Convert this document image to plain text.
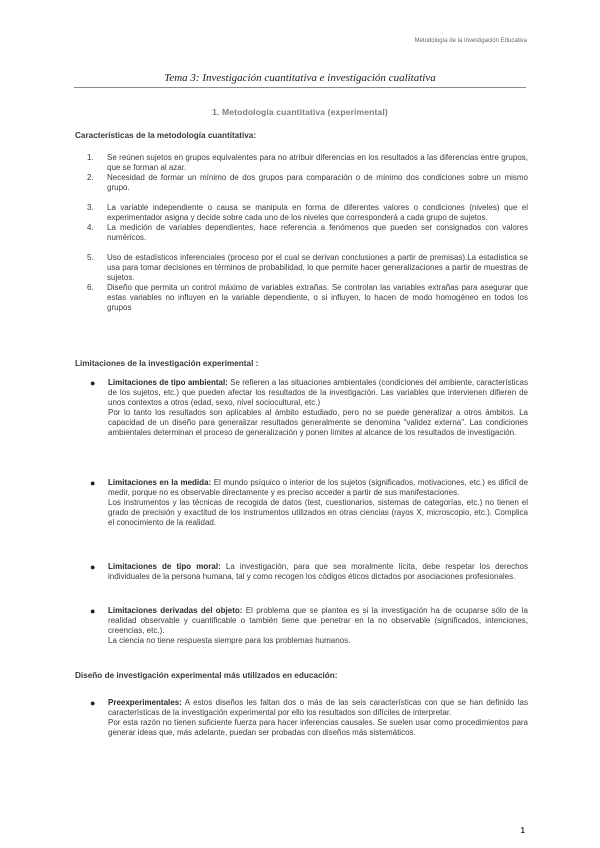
Metodología de la Investigación Educativa
Tema 3: Investigación cuantitativa e investigación cualitativa
1. Metodología cuantitativa (experimental)
Características de la metodología cuantitativa:
1. Se reúnen sujetos en grupos equivalentes para no atribuir diferencias en los resultados a las diferencias entre grupos, que se forman al azar.
2. Necesidad de formar un mínimo de dos grupos para comparación o de mínimo dos condiciones sobre un mismo grupo.
3. La variable independiente o causa se manipula en forma de diferentes valores o condiciones (niveles) que el experimentador asigna y decide sobre cada uno de los niveles que corresponderá a cada grupo de sujetos.
4. La medición de variables dependientes, hace referencia a fenómenos que pueden ser consignados con valores numéricos.
5. Uso de estadísticos inferenciales (proceso por el cual se derivan conclusiones a partir de premisas).La estadística se usa para tomar decisiones en términos de probabilidad, lo que permite hacer generalizaciones a partir de muestras de sujetos.
6. Diseño que permita un control máximo de variables extrañas. Se controlan las variables extrañas para asegurar que estas variables no influyen en la variable dependiente, o si influyen, lo hacen de modo homogéneo en todos los grupos
Limitaciones de la investigación experimental :
● Limitaciones de tipo ambiental: Se refieren a las situaciones ambientales (condiciones del ambiente, características de los sujetos, etc.) que pueden afectar los resultados de la investigación. Las variables que intervienen difieren de unos contextos a otros (edad, sexo, nivel sociocultural, etc.)

Por lo tanto los resultados son aplicables al ámbito estudiado, pero no se puede generalizar a otros ámbitos. La capacidad de un diseño para generalizar resultados generalmente se denomina "validez externa". Las condiciones ambientales determinan el proceso de generalización y ponen límites al alcance de los resultados de investigación.

● Limitaciones en la medida: El mundo psíquico o interior de los sujetos (significados, motivaciones, etc.) es difícil de medir, porque no es observable directamente y es preciso acceder a partir de sus manifestaciones.

Los instrumentos y las técnicas de recogida de datos (test, cuestionarios, sistemas de categorías, etc.) no tienen el grado de precisión y exactitud de los instrumentos utilizados en otras ciencias (rayos X, microscopio, etc.). Complica el conocimiento de la realidad.

● Limitaciones de tipo moral: La investigación, para que sea moralmente lícita, debe respetar los derechos individuales de la persona humana, tal y como recogen los códigos éticos dictados por asociaciones profesionales.

● Limitaciones derivadas del objeto: El problema que se plantea es si la investigación ha de ocuparse sólo de la realidad observable y cuantificable o también tiene que penetrar en la no observable (significados, intenciones, creencias, etc.).

La ciencia no tiene respuesta siempre para los problemas humanos.

Diseño de investigación experimental más utilizados en educación:
● Preexperimentales: A estos diseños les faltan dos o más de las seis características con que se han definido las características de la investigación experimental por ello los resultados son difíciles de interpretar.

Por esta razón no tienen suficiente fuerza para hacer inferencias causales. Se suelen usar como procedimientos para generar ideas que, más adelante, puedan ser probadas con diseños más sistemáticos.

1
